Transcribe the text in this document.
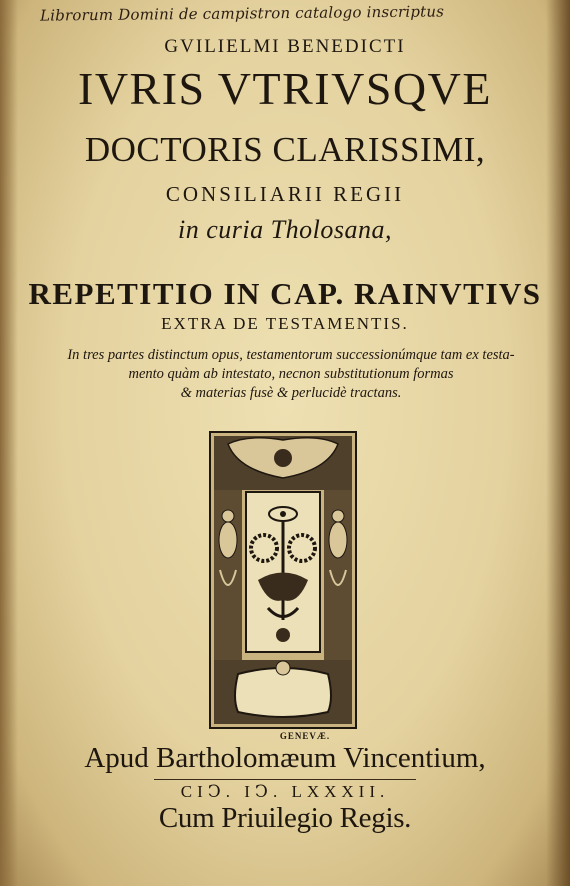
Librorum Domini de campistron catalogo inscriptus
GVILIELMI BENEDICTI
IVRIS VTRIVSQVE
DOCTORIS CLARISSIMI,
CONSILIARII REGII
in curia Tholosana,
REPETITIO IN CAP. RAINVTIVS
EXTRA DE TESTAMENTIS.
In tres partes distinctum opus, testamentorum successionúmque tam ex testa-
mento quàm ab intestato, necnon substitutionum formas
& materias fusè & perlucidè tractans.
GENEVÆ.
Apud Bartholomæum Vincentium,
CIↃ. IↃ. LXXXII.
Cum Priuilegio Regis.
